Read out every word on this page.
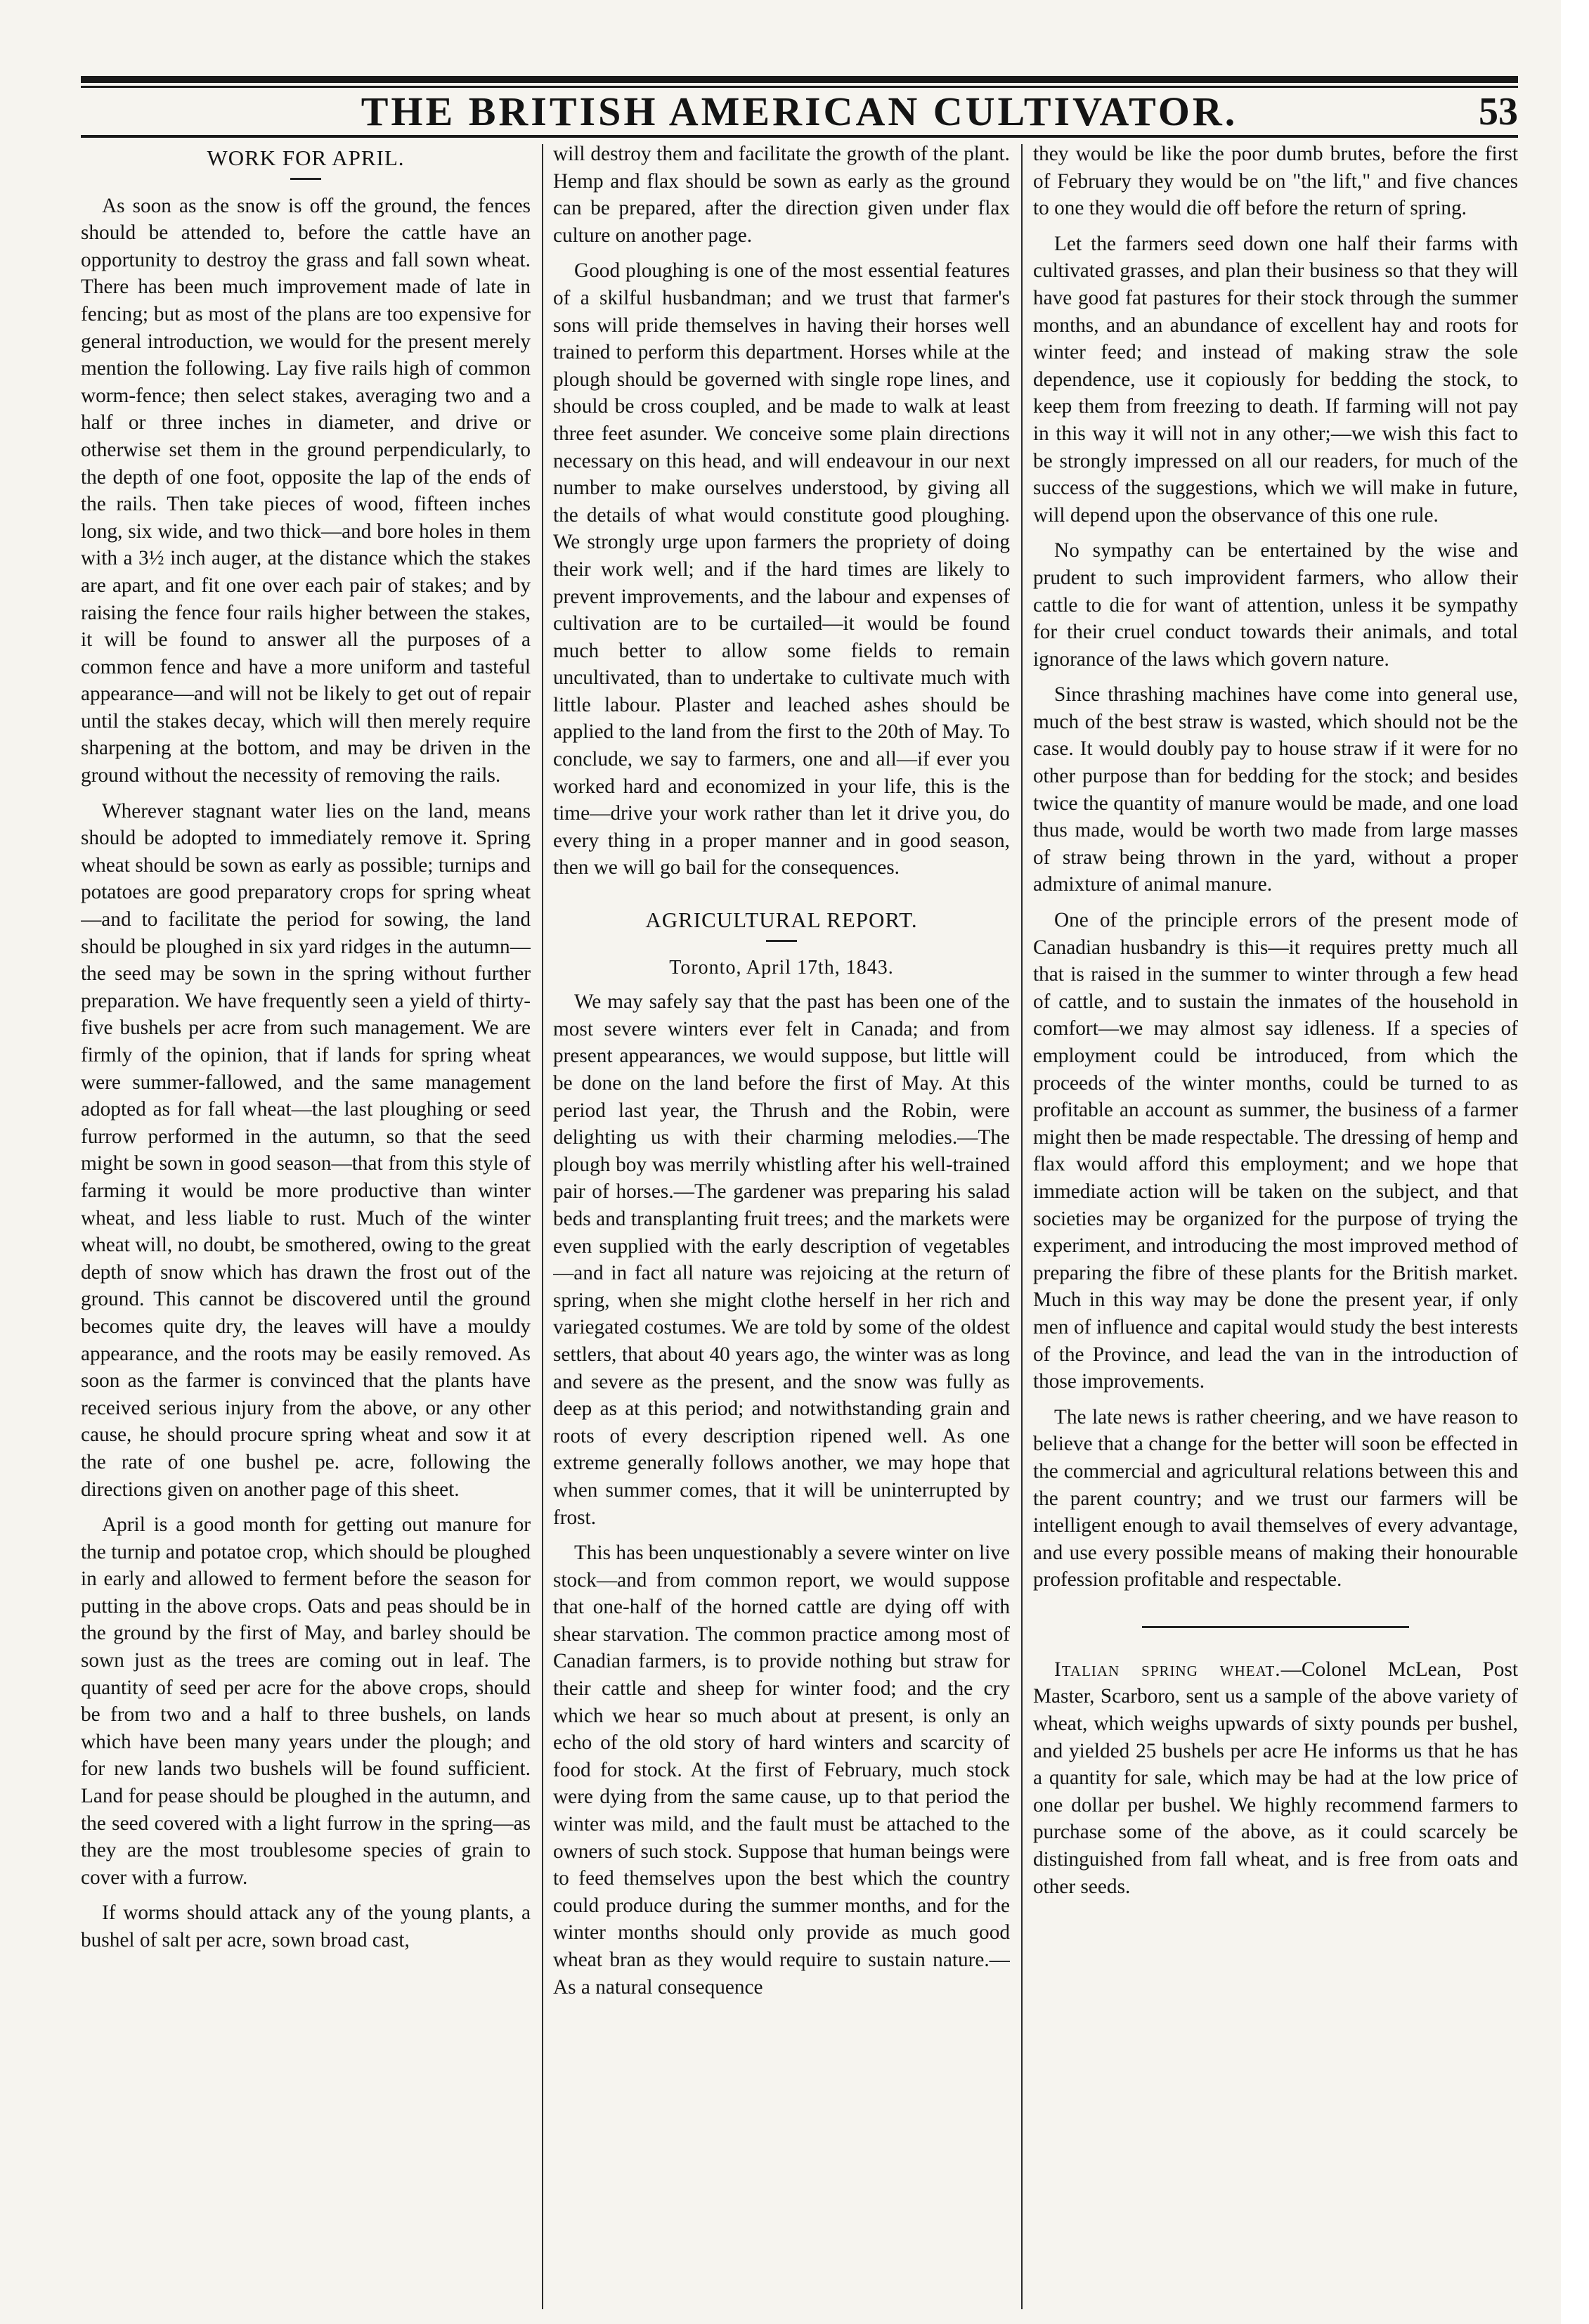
THE BRITISH AMERICAN CULTIVATOR.	53
WORK FOR APRIL.

As soon as the snow is off the ground, the fences should be attended to, before the cattle have an opportunity to destroy the grass and fall sown wheat. There has been much improvement made of late in fencing; but as most of the plans are too expensive for general introduction, we would for the present merely mention the following. Lay five rails high of common worm-fence; then select stakes, averaging two and a half or three inches in diameter, and drive or otherwise set them in the ground perpendicularly, to the depth of one foot, opposite the lap of the ends of the rails. Then take pieces of wood, fifteen inches long, six wide, and two thick—and bore holes in them with a 3½ inch auger, at the distance which the stakes are apart, and fit one over each pair of stakes; and by raising the fence four rails higher between the stakes, it will be found to answer all the purposes of a common fence and have a more uniform and tasteful appearance—and will not be likely to get out of repair until the stakes decay, which will then merely require sharpening at the bottom, and may be driven in the ground without the necessity of removing the rails.

Wherever stagnant water lies on the land, means should be adopted to immediately remove it. Spring wheat should be sown as early as possible; turnips and potatoes are good preparatory crops for spring wheat—and to facilitate the period for sowing, the land should be ploughed in six yard ridges in the autumn—the seed may be sown in the spring without further preparation. We have frequently seen a yield of thirty-five bushels per acre from such management. We are firmly of the opinion, that if lands for spring wheat were summer-fallowed, and the same management adopted as for fall wheat—the last ploughing or seed furrow performed in the autumn, so that the seed might be sown in good season—that from this style of farming it would be more productive than winter wheat, and less liable to rust. Much of the winter wheat will, no doubt, be smothered, owing to the great depth of snow which has drawn the frost out of the ground. This cannot be discovered until the ground becomes quite dry, the leaves will have a mouldy appearance, and the roots may be easily removed. As soon as the farmer is convinced that the plants have received serious injury from the above, or any other cause, he should procure spring wheat and sow it at the rate of one bushel pe. acre, following the directions given on another page of this sheet.

April is a good month for getting out manure for the turnip and potatoe crop, which should be ploughed in early and allowed to ferment before the season for putting in the above crops. Oats and peas should be in the ground by the first of May, and barley should be sown just as the trees are coming out in leaf. The quantity of seed per acre for the above crops, should be from two and a half to three bushels, on lands which have been many years under the plough; and for new lands two bushels will be found sufficient. Land for pease should be ploughed in the autumn, and the seed covered with a light furrow in the spring—as they are the most troublesome species of grain to cover with a furrow.

If worms should attack any of the young plants, a bushel of salt per acre, sown broad cast,

will destroy them and facilitate the growth of the plant. Hemp and flax should be sown as early as the ground can be prepared, after the direction given under flax culture on another page.

Good ploughing is one of the most essential features of a skilful husbandman; and we trust that farmer's sons will pride themselves in having their horses well trained to perform this department. Horses while at the plough should be governed with single rope lines, and should be cross coupled, and be made to walk at least three feet asunder. We conceive some plain directions necessary on this head, and will endeavour in our next number to make ourselves understood, by giving all the details of what would constitute good ploughing. We strongly urge upon farmers the propriety of doing their work well; and if the hard times are likely to prevent improvements, and the labour and expenses of cultivation are to be curtailed—it would be found much better to allow some fields to remain uncultivated, than to undertake to cultivate much with little labour. Plaster and leached ashes should be applied to the land from the first to the 20th of May. To conclude, we say to farmers, one and all—if ever you worked hard and economized in your life, this is the time—drive your work rather than let it drive you, do every thing in a proper manner and in good season, then we will go bail for the consequences.

AGRICULTURAL REPORT.
Toronto, April 17th, 1843.

We may safely say that the past has been one of the most severe winters ever felt in Canada; and from present appearances, we would suppose, but little will be done on the land before the first of May. At this period last year, the Thrush and the Robin, were delighting us with their charming melodies.—The plough boy was merrily whistling after his well-trained pair of horses.—The gardener was preparing his salad beds and transplanting fruit trees; and the markets were even supplied with the early description of vegetables—and in fact all nature was rejoicing at the return of spring, when she might clothe herself in her rich and variegated costumes. We are told by some of the oldest settlers, that about 40 years ago, the winter was as long and severe as the present, and the snow was fully as deep as at this period; and notwithstanding grain and roots of every description ripened well. As one extreme generally follows another, we may hope that when summer comes, that it will be uninterrupted by frost.

This has been unquestionably a severe winter on live stock—and from common report, we would suppose that one-half of the horned cattle are dying off with shear starvation. The common practice among most of Canadian farmers, is to provide nothing but straw for their cattle and sheep for winter food; and the cry which we hear so much about at present, is only an echo of the old story of hard winters and scarcity of food for stock. At the first of February, much stock were dying from the same cause, up to that period the winter was mild, and the fault must be attached to the owners of such stock. Suppose that human beings were to feed themselves upon the best which the country could produce during the summer months, and for the winter months should only provide as much good wheat bran as they would require to sustain nature.—As a natural consequence

they would be like the poor dumb brutes, before the first of February they would be on "the lift," and five chances to one they would die off before the return of spring.

Let the farmers seed down one half their farms with cultivated grasses, and plan their business so that they will have good fat pastures for their stock through the summer months, and an abundance of excellent hay and roots for winter feed; and instead of making straw the sole dependence, use it copiously for bedding the stock, to keep them from freezing to death. If farming will not pay in this way it will not in any other;—we wish this fact to be strongly impressed on all our readers, for much of the success of the suggestions, which we will make in future, will depend upon the observance of this one rule.

No sympathy can be entertained by the wise and prudent to such improvident farmers, who allow their cattle to die for want of attention, unless it be sympathy for their cruel conduct towards their animals, and total ignorance of the laws which govern nature.

Since thrashing machines have come into general use, much of the best straw is wasted, which should not be the case. It would doubly pay to house straw if it were for no other purpose than for bedding for the stock; and besides twice the quantity of manure would be made, and one load thus made, would be worth two made from large masses of straw being thrown in the yard, without a proper admixture of animal manure.

One of the principle errors of the present mode of Canadian husbandry is this—it requires pretty much all that is raised in the summer to winter through a few head of cattle, and to sustain the inmates of the household in comfort—we may almost say idleness. If a species of employment could be introduced, from which the proceeds of the winter months, could be turned to as profitable an account as summer, the business of a farmer might then be made respectable. The dressing of hemp and flax would afford this employment; and we hope that immediate action will be taken on the subject, and that societies may be organized for the purpose of trying the experiment, and introducing the most improved method of preparing the fibre of these plants for the British market. Much in this way may be done the present year, if only men of influence and capital would study the best interests of the Province, and lead the van in the introduction of those improvements.

The late news is rather cheering, and we have reason to believe that a change for the better will soon be effected in the commercial and agricultural relations between this and the parent country; and we trust our farmers will be intelligent enough to avail themselves of every advantage, and use every possible means of making their honourable profession profitable and respectable.

Italian spring wheat.—Colonel McLean, Post Master, Scarboro, sent us a sample of the above variety of wheat, which weighs upwards of sixty pounds per bushel, and yielded 25 bushels per acre He informs us that he has a quantity for sale, which may be had at the low price of one dollar per bushel. We highly recommend farmers to purchase some of the above, as it could scarcely be distinguished from fall wheat, and is free from oats and other seeds.
